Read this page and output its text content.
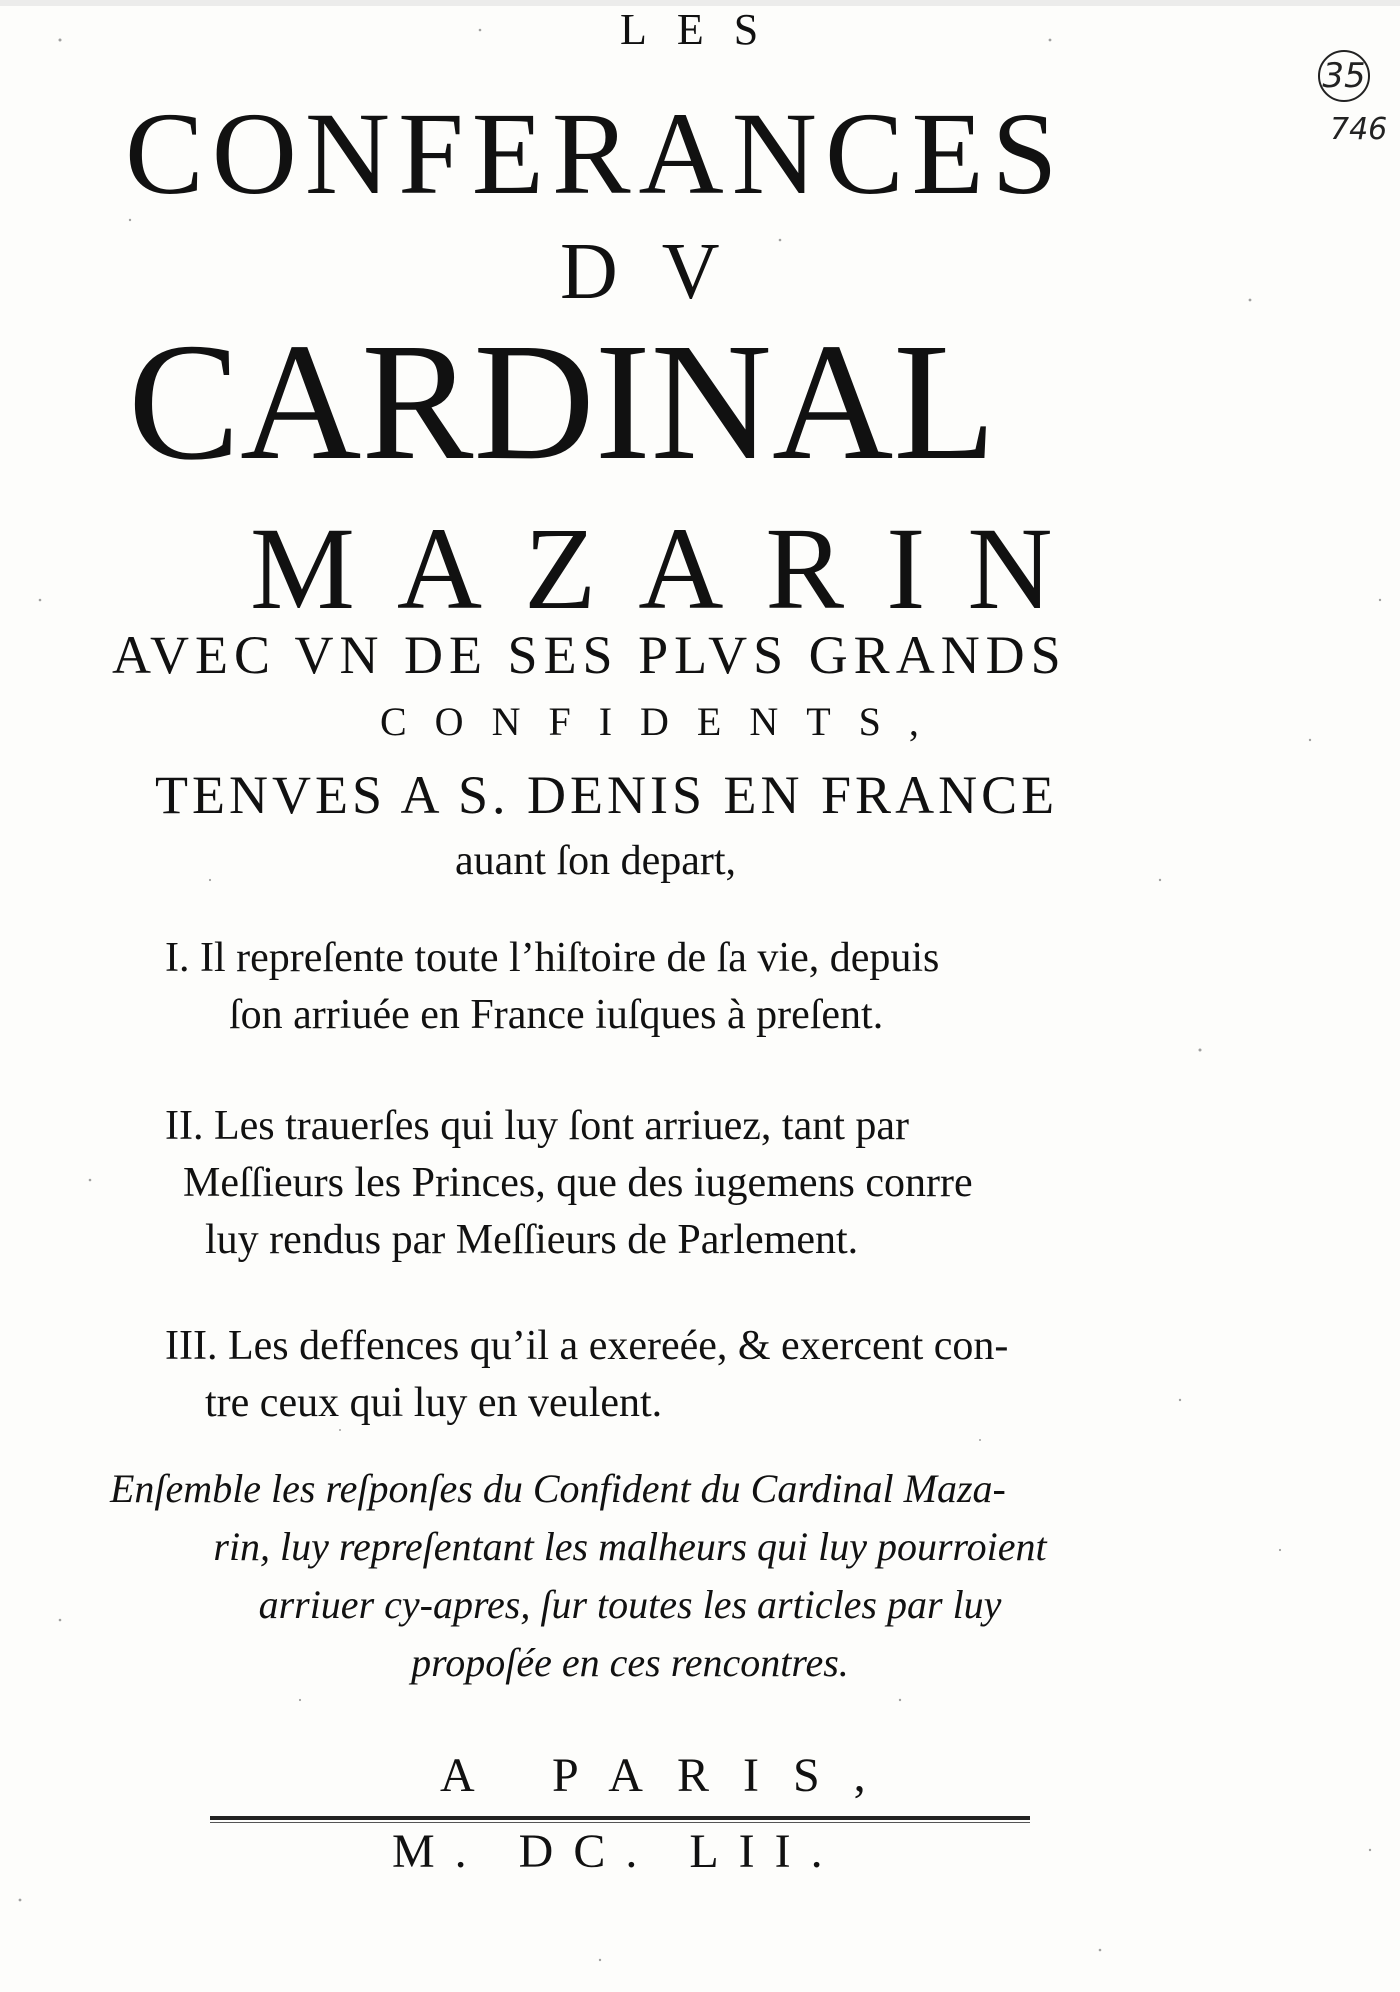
LES
CONFERANCES
DV
CARDINAL
MAZARIN
AVEC VN DE SES PLVS GRANDS
CONFIDENTS,
TENVES A S. DENIS EN FRANCE
auant ſon depart,
I. Il repreſente toute l’hiſtoire de ſa vie, depuis
ſon arriuée en France iuſques à preſent.
II. Les trauerſes qui luy ſont arriuez, tant par
Meſſieurs les Princes, que des iugemens conrre
luy rendus par Meſſieurs de Parlement.
III. Les deffences qu’il a exereée, & exercent con-
tre ceux qui luy en veulent.
Enſemble les reſponſes du Confident du Cardinal Maza-
rin, luy repreſentant les malheurs qui luy pourroient
arriuer cy-apres, ſur toutes les articles par luy
propoſée en ces rencontres.
A PARIS,
M. DC. LII.
35
746
